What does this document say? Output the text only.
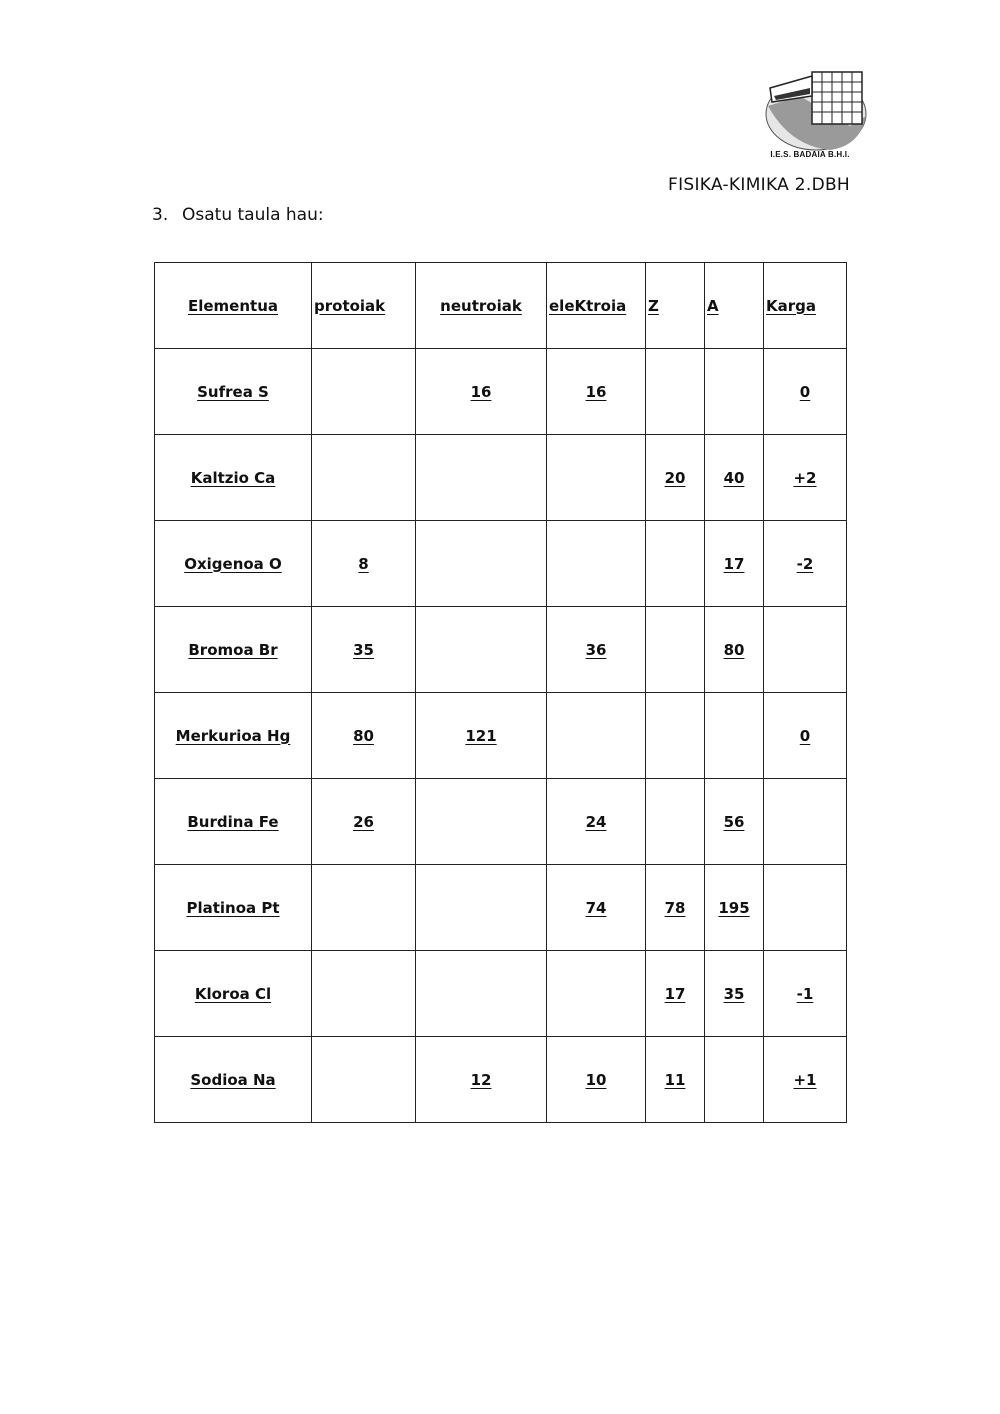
I.E.S. BADAIA B.H.I.
FISIKA-KIMIKA 2.DBH
3. Osatu taula hau:
Elementua	protoiak	neutroiak	eleKtroia	Z	A	Karga
Sufrea S		16	16			0
Kaltzio Ca				20	40	+2
Oxigenoa O	8				17	-2
Bromoa Br	35		36		80	
Merkurioa Hg	80	121				0
Burdina Fe	26		24		56	
Platinoa Pt			74	78	195	
Kloroa Cl				17	35	-1
Sodioa Na		12	10	11		+1
